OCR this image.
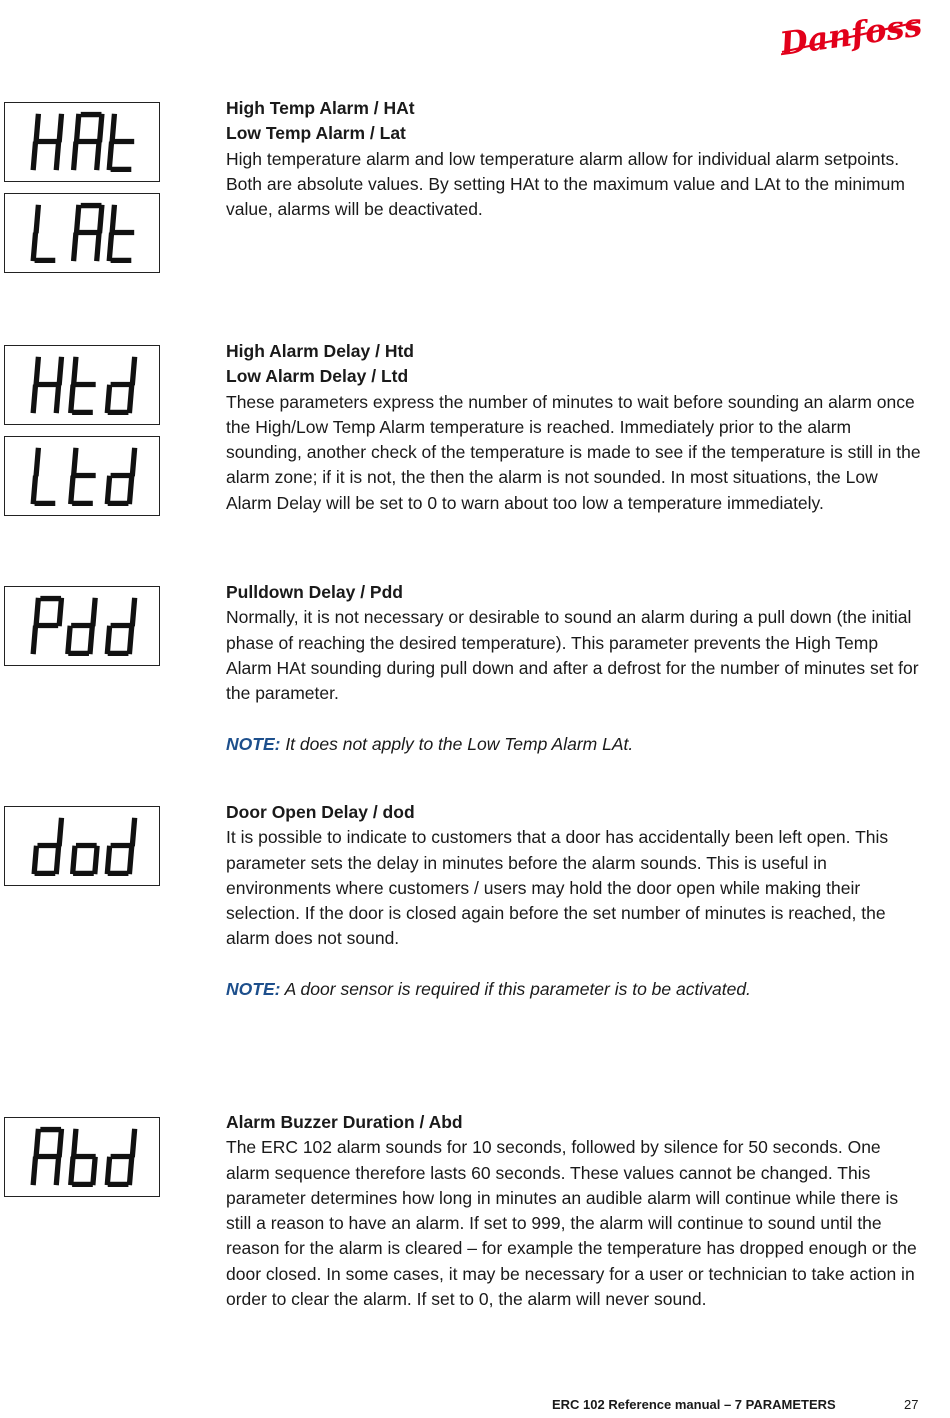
Danfoss
High Temp Alarm / HAt
Low Temp Alarm / Lat

High temperature alarm and low temperature alarm allow for individual alarm setpoints. Both are absolute values. By setting HAt to the maximum value and LAt to the minimum value, alarms will be deactivated.

High Alarm Delay / Htd
Low Alarm Delay / Ltd

These parameters express the number of minutes to wait before sounding an alarm once the High/Low Temp Alarm temperature is reached. Immediately prior to the alarm sounding, another check of the temperature is made to see if the temperature is still in the alarm zone; if it is not, the then the alarm is not sounded. In most situations, the Low Alarm Delay will be set to 0 to warn about too low a temperature immediately.

Pulldown Delay / Pdd

Normally, it is not necessary or desirable to sound an alarm during a pull down (the initial phase of reaching the desired temperature). This parameter prevents the High Temp Alarm HAt sounding during pull down and after a defrost for the number of minutes set for the parameter.

NOTE: It does not apply to the Low Temp Alarm LAt.

Door Open Delay / dod

It is possible to indicate to customers that a door has accidentally been left open. This parameter sets the delay in minutes before the alarm sounds. This is useful in environments where customers / users may hold the door open while making their selection. If the door is closed again before the set number of minutes is reached, the alarm does not sound.

NOTE: A door sensor is required if this parameter is to be activated.

Alarm Buzzer Duration / Abd

The ERC 102 alarm sounds for 10 seconds, followed by silence for 50 seconds. One alarm sequence therefore lasts 60 seconds. These values cannot be changed. This parameter determines how long in minutes an audible alarm will continue while there is still a reason to have an alarm. If set to 999, the alarm will continue to sound until the reason for the alarm is cleared – for example the temperature has dropped enough or the door closed. In some cases, it may be necessary for a user or technician to take action in order to clear the alarm. If set to 0, the alarm will never sound.

ERC 102 Reference manual – 7 PARAMETERS	27
